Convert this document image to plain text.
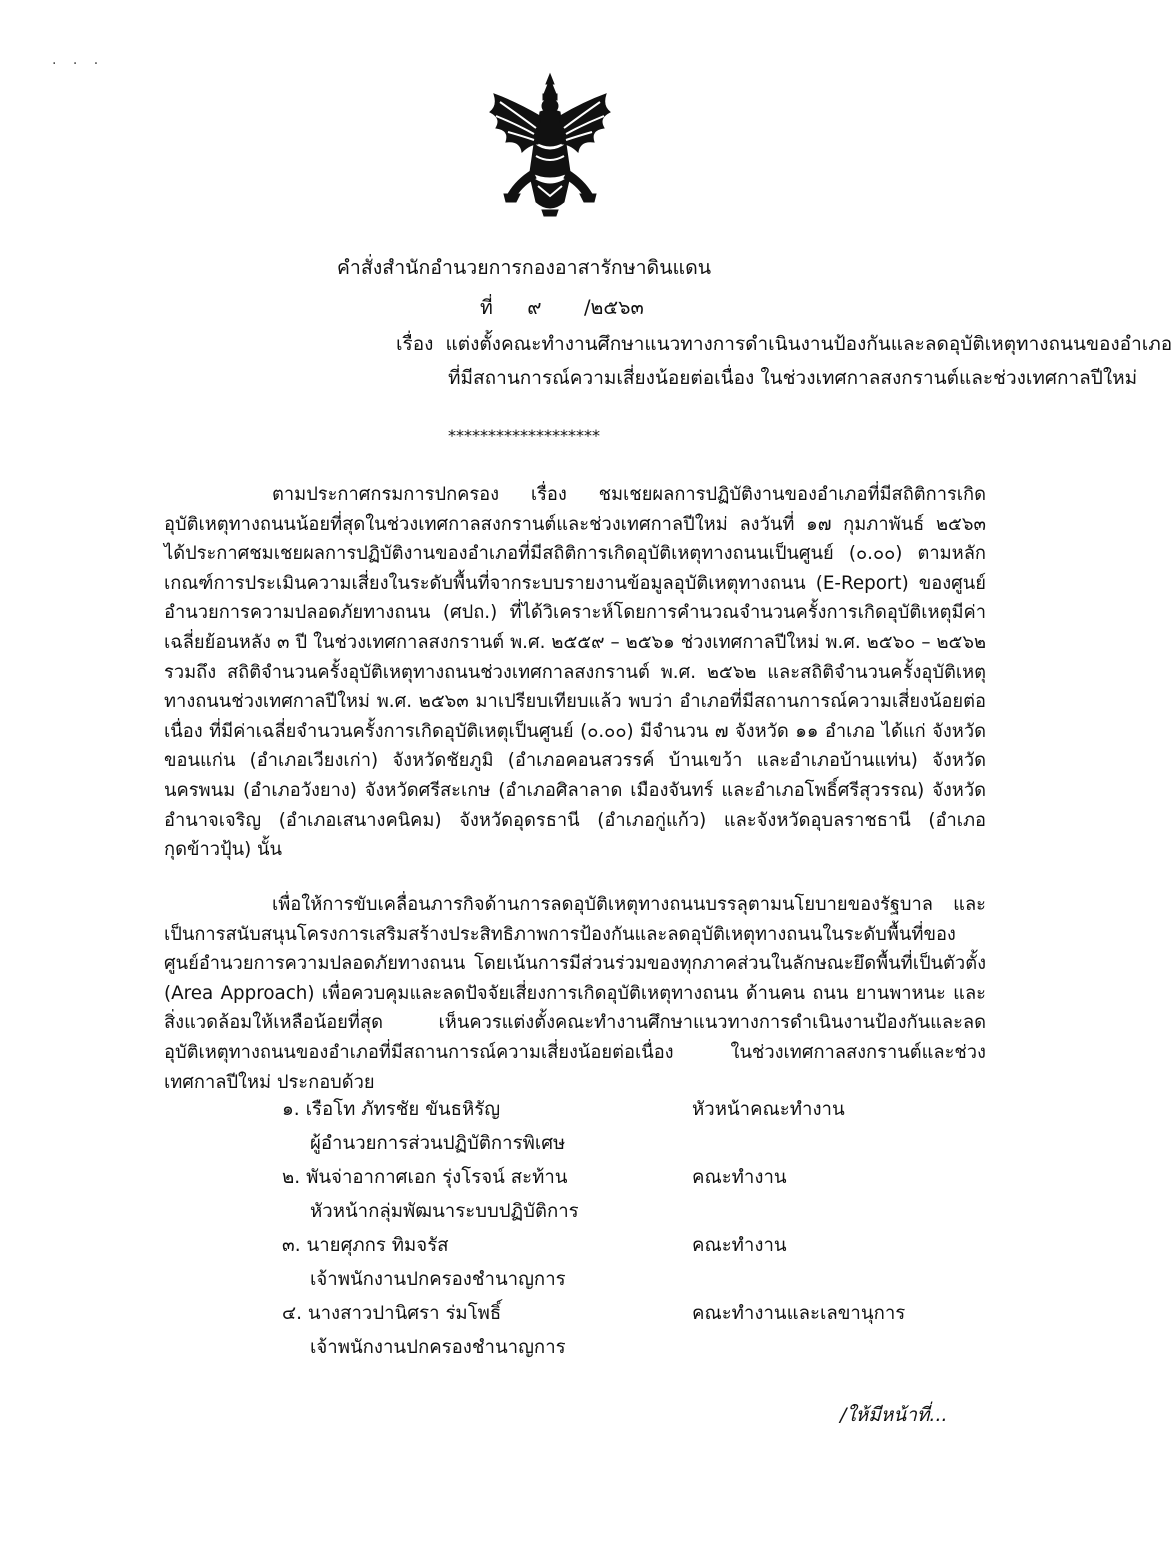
· · ·
คำสั่งสำนักอำนวยการกองอาสารักษาดินแดน
ที่ ๙ /๒๕๖๓
เรื่อง แต่งตั้งคณะทำงานศึกษาแนวทางการดำเนินงานป้องกันและลดอุบัติเหตุทางถนนของอำเภอ
ที่มีสถานการณ์ความเสี่ยงน้อยต่อเนื่อง ในช่วงเทศกาลสงกรานต์และช่วงเทศกาลปีใหม่
*******************
ตามประกาศกรมการปกครอง เรื่อง ชมเชยผลการปฏิบัติงานของอำเภอที่มีสถิติการเกิดอุบัติเหตุทางถนนน้อยที่สุดในช่วงเทศกาลสงกรานต์และช่วงเทศกาลปีใหม่ ลงวันที่ ๑๗ กุมภาพันธ์ ๒๕๖๓ ได้ประกาศชมเชยผลการปฏิบัติงานของอำเภอที่มีสถิติการเกิดอุบัติเหตุทางถนนเป็นศูนย์ (๐.๐๐) ตามหลักเกณฑ์การประเมินความเสี่ยงในระดับพื้นที่จากระบบรายงานข้อมูลอุบัติเหตุทางถนน (E-Report) ของศูนย์อำนวยการความปลอดภัยทางถนน (ศปถ.) ที่ได้วิเคราะห์โดยการคำนวณจำนวนครั้งการเกิดอุบัติเหตุมีค่าเฉลี่ยย้อนหลัง ๓ ปี ในช่วงเทศกาลสงกรานต์ พ.ศ. ๒๕๕๙ – ๒๕๖๑ ช่วงเทศกาลปีใหม่ พ.ศ. ๒๕๖๐ – ๒๕๖๒ รวมถึง สถิติจำนวนครั้งอุบัติเหตุทางถนนช่วงเทศกาลสงกรานต์ พ.ศ. ๒๕๖๒ และสถิติจำนวนครั้งอุบัติเหตุทางถนนช่วงเทศกาลปีใหม่ พ.ศ. ๒๕๖๓ มาเปรียบเทียบแล้ว พบว่า อำเภอที่มีสถานการณ์ความเสี่ยงน้อยต่อเนื่อง ที่มีค่าเฉลี่ยจำนวนครั้งการเกิดอุบัติเหตุเป็นศูนย์ (๐.๐๐) มีจำนวน ๗ จังหวัด ๑๑ อำเภอ ได้แก่ จังหวัดขอนแก่น (อำเภอเวียงเก่า) จังหวัดชัยภูมิ (อำเภอคอนสวรรค์ บ้านเขว้า และอำเภอบ้านแท่น) จังหวัดนครพนม (อำเภอวังยาง) จังหวัดศรีสะเกษ (อำเภอศิลาลาด เมืองจันทร์ และอำเภอโพธิ์ศรีสุวรรณ) จังหวัดอำนาจเจริญ (อำเภอเสนางคนิคม) จังหวัดอุดรธานี (อำเภอกู่แก้ว) และจังหวัดอุบลราชธานี (อำเภอกุดข้าวปุ้น) นั้น
เพื่อให้การขับเคลื่อนภารกิจด้านการลดอุบัติเหตุทางถนนบรรลุตามนโยบายของรัฐบาล และเป็นการสนับสนุนโครงการเสริมสร้างประสิทธิภาพการป้องกันและลดอุบัติเหตุทางถนนในระดับพื้นที่ของศูนย์อำนวยการความปลอดภัยทางถนน โดยเน้นการมีส่วนร่วมของทุกภาคส่วนในลักษณะยึดพื้นที่เป็นตัวตั้ง (Area Approach) เพื่อควบคุมและลดปัจจัยเสี่ยงการเกิดอุบัติเหตุทางถนน ด้านคน ถนน ยานพาหนะ และสิ่งแวดล้อมให้เหลือน้อยที่สุด เห็นควรแต่งตั้งคณะทำงานศึกษาแนวทางการดำเนินงานป้องกันและลดอุบัติเหตุทางถนนของอำเภอที่มีสถานการณ์ความเสี่ยงน้อยต่อเนื่อง ในช่วงเทศกาลสงกรานต์และช่วงเทศกาลปีใหม่ ประกอบด้วย
๑. เรือโท ภัทรชัย ขันธหิรัญ
ผู้อำนวยการส่วนปฏิบัติการพิเศษ
หัวหน้าคณะทำงาน
๒. พันจ่าอากาศเอก รุ่งโรจน์ สะท้าน
หัวหน้ากลุ่มพัฒนาระบบปฏิบัติการ
คณะทำงาน
๓. นายศุภกร ทิมจรัส
เจ้าพนักงานปกครองชำนาญการ
คณะทำงาน
๔. นางสาวปานิศรา ร่มโพธิ์
เจ้าพนักงานปกครองชำนาญการ
คณะทำงานและเลขานุการ
/ให้มีหน้าที่...
